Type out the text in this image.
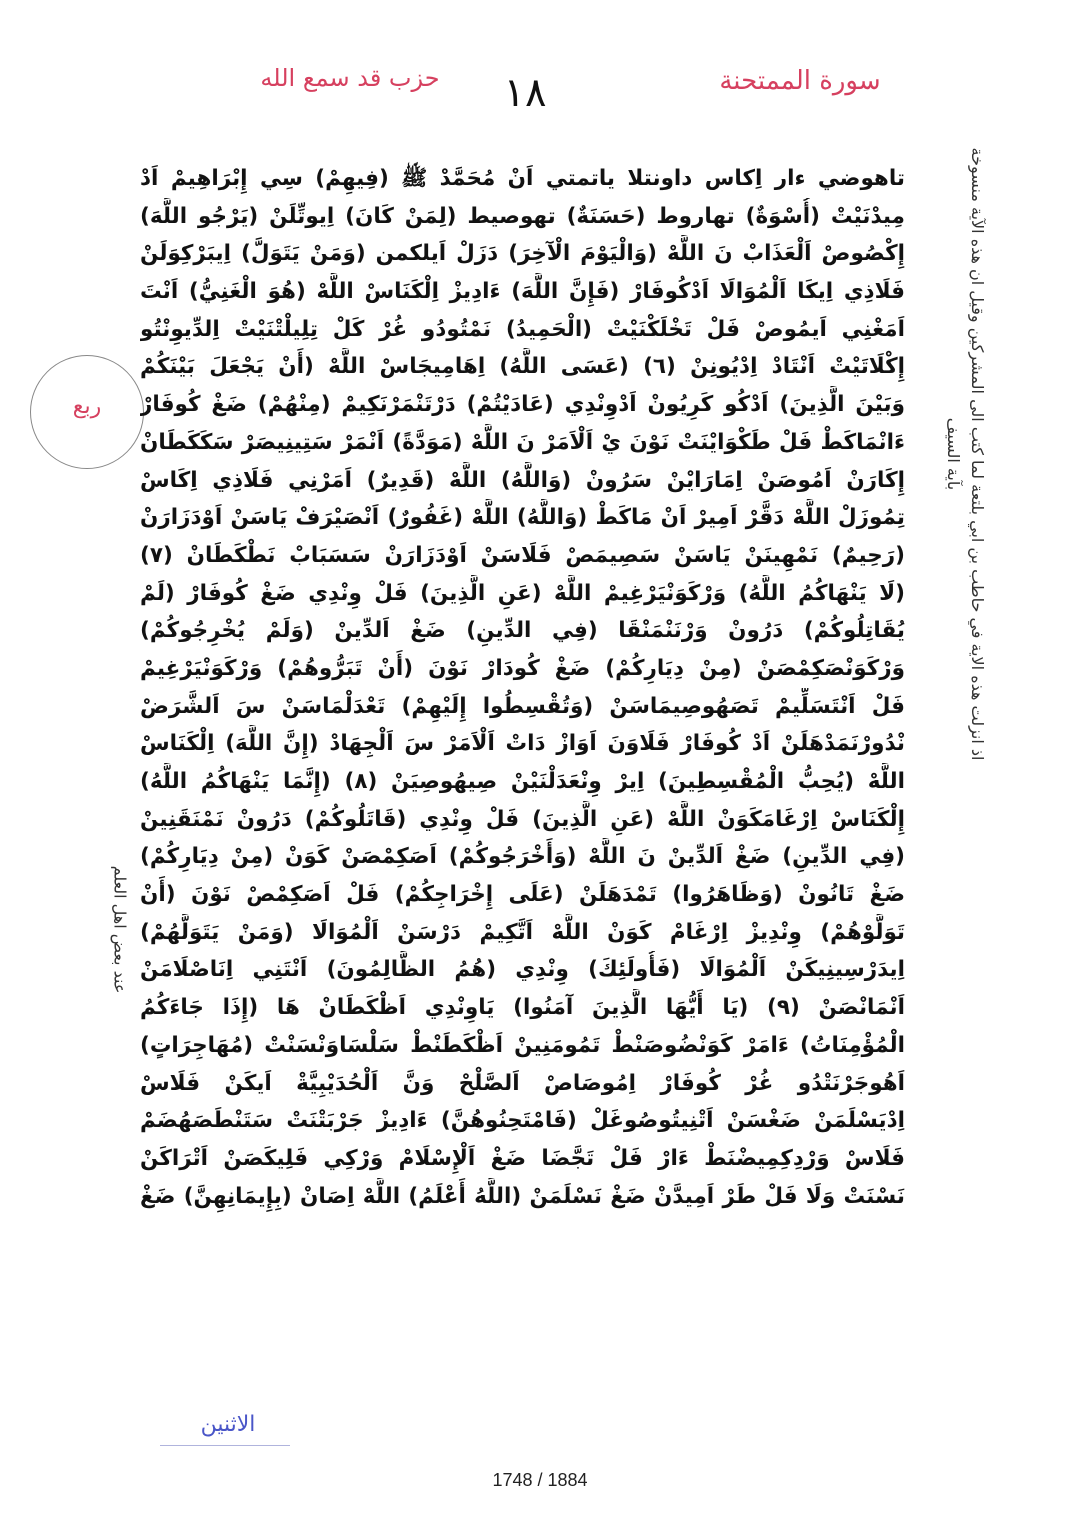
حزب قد سمع الله	١٨	سورة الممتحنة
اذ انزلت هذه الاية في حاطب بن ابي بلتعة لما كتب الى المشركين وقيل ان هذه الآية منسوخة بآية السيف
ربع
عند بعض اهل العلم
تاهوضي ءار اِكاس داونتلا ياتمتي اَنْ مُحَمَّدْ ﷺ (فِيهِمْ) سِي إِبْرَاهِيمْ اَدْ
مِيدْنَيْتْ (أُسْوَةٌ) تهاروط (حَسَنَةٌ) تهوصيط (لِمَنْ كَانَ) اِيوتِّلَنْ (يَرْجُو اللَّهَ)
إِكْصُوصْ اَلْعَذَابْ نَ اللَّهْ (وَالْيَوْمَ الْآخِرَ) دَزَلْ اَيلكمن (وَمَنْ يَتَوَلَّ) اِيبَرْكِوَلَنْ
فَلَاذِي اِيكَا اَلْمُوَالَا اَدْكُوفَارْ (فَإِنَّ اللَّهَ) ءَادِيزْ اِلْكَنَاسْ اللَّهْ (هُوَ الْغَنِيُّ) اَنْتَ
اَمَغْنِي اَيمُوصْ فَلْ تَخْلَكْنَيْتْ (الْحَمِيدُ) نَمْتُودُو غُرْ كَلْ تِلِيلْتْنَيْتْ اِلدِّيوِنْتُو
إِكْلَاتَيْتْ اَنْتَادْ اِدْيُونِنْ (٦) (عَسَى اللَّهُ) اِهَامِيجَاسْ اللَّهْ (أَنْ يَجْعَلَ بَيْنَكُمْ
وَبَيْنَ الَّذِينَ) اَدْكُو كَرِيُونْ اَدْوِنْدِي (عَادَيْتُمْ) دَرْتَنْمَرْنَكِيمْ (مِنْهُمْ) ضَغْ كُوفَارْ
ءَانْمَاكَطْ فَلْ طَكْوَايْنَتْ نَوْنَ يْ اَلْاَمَرْ نَ اللَّهْ (مَوَدَّةً) اَنْمَرْ سَتِينِيصَرْ سَكَكَطَانْ
إِكَارَنْ اَمُوصَنْ اِمَارَايْنْ سَرُونْ (وَاللَّهُ) اللَّهْ (قَدِيرٌ) اَمَرْنِي فَلَاذِي اِكَاسْ
تِمُوزَلْ اللَّهْ دَقَّرْ اَمِيرْ اَنْ مَاكَطْ (وَاللَّهُ) اللَّهْ (غَفُورٌ) اَنْصَيْرَفْ يَاسَنْ اَوْدَزَارَنْ
(رَحِيمٌ) نَمْهِينَنْ يَاسَنْ سَصِيمَصْ فَلَاسَنْ اَوْدَزَارَنْ سَسَبَابْ نَطْكَطَانْ (٧)
(لَا يَنْهَاكُمُ اللَّهُ) وَرْكَوَنْيَرْغِيمْ اللَّهْ (عَنِ الَّذِينَ) فَلْ وِنْدِي ضَغْ كُوفَارْ (لَمْ
يُقَاتِلُوكُمْ) دَرُونْ وَرْنَنْمَنْقَا (فِي الدِّينِ) ضَغْ اَلدِّينْ (وَلَمْ يُخْرِجُوكُمْ)
وَرْكَوَنْصَكِمْصَنْ (مِنْ دِيَارِكُمْ) ضَغْ كُودَارْ نَوْنَ (أَنْ تَبَرُّوهُمْ) وَرْكَوَنْيَرْغِيمْ
فَلْ اَنْتَسَلِّيمْ تَصَهُوصِيمَاسَنْ (وَتُقْسِطُوا إِلَيْهِمْ) تَعْدَلْمَاسَنْ سَ اَلشَّرَضْ
نْدُورْنَمَدْهَلَنْ اَدْ كُوفَارْ فَلَاوَنَ اَوَازْ دَاتْ اَلْاَمَرْ سَ اَلْجِهَادْ (إِنَّ اللَّهَ) اِلْكَنَاسْ
اللَّهْ (يُحِبُّ الْمُقْسِطِينَ) اِيرْ وِنْعَدَلْنَيْنْ صِيهُوصِيَنْ (٨) (إِنَّمَا يَنْهَاكُمُ اللَّهُ)
إِلْكَنَاسْ اِرْغَامَكَوَنْ اللَّهْ (عَنِ الَّذِينَ) فَلْ وِنْدِي (قَاتَلُوكُمْ) دَرُونْ نَمْنَقَنِينْ
(فِي الدِّينِ) ضَغْ اَلدِّينْ نَ اللَّهْ (وَأَخْرَجُوكُمْ) اَصَكِمْصَنْ كَوَنْ (مِنْ دِيَارِكُمْ)
ضَغْ تَانُونْ (وَظَاهَرُوا) تَمْدَهَلَنْ (عَلَى إِخْرَاجِكُمْ) فَلْ اَصَكِمْصْ نَوْنَ (أَنْ
تَوَلَّوْهُمْ) وِنْدِيزْ اِرْغَامْ كَوَنْ اللَّهْ اَتَّكِيمْ دَرْسَنْ اَلْمُوَالَا (وَمَنْ يَتَوَلَّهُمْ)
اِيدَرْسِينِيكَنْ اَلْمُوَالَا (فَأُولَئِكَ) وِنْدِي (هُمُ الظَّالِمُونَ) اَنْتَنِي اِنَاصْلَامَنْ
اَنْمَانْصَنْ (٩) (يَا أَيُّهَا الَّذِينَ آمَنُوا) يَاوِنْدِي اَظْكَطَانْ هَا (إِذَا جَاءَكُمُ
الْمُؤْمِنَاتُ) ءَامَرْ كَوَنْضُوصَنْطْ تَمُومَنِينْ اَظْكَطَنْطْ سَلْسَاوَنْسَنْتْ (مُهَاجِرَاتٍ)
اَهُوجَرْنَتْدُو غُرْ كُوفَارْ اِمُوصَاصْ اَلصَّلْحْ وَنَّ اَلْحُدَيْبِيَّةْ اَيكَنْ فَلَاسْ
اِدْيَسْلَمَنْ ضَغْسَنْ اَتْنِيتُوصُوغَلْ (فَامْتَحِنُوهُنَّ) ءَادِيزْ جَرْبَتْنَتْ سَتَنْطَصَهُضَمْ
فَلَاسْ وَرْدِكِمِيضْنَطْ ءَارْ فَلْ تَجَّضَا ضَغْ اَلْإِسْلَامْ وَرْكِي فَلِيكَصَنْ اَتْرَاكَنْ
نَسْنَتْ وَلَا فَلْ طَرْ اَمِيدَّنْ ضَغْ نَسْلَمَنْ (اللَّهُ أَعْلَمُ) اللَّهْ اِصَانْ (بِإِيمَانِهِنَّ) ضَغْ
الاثنين
1748 / 1884
